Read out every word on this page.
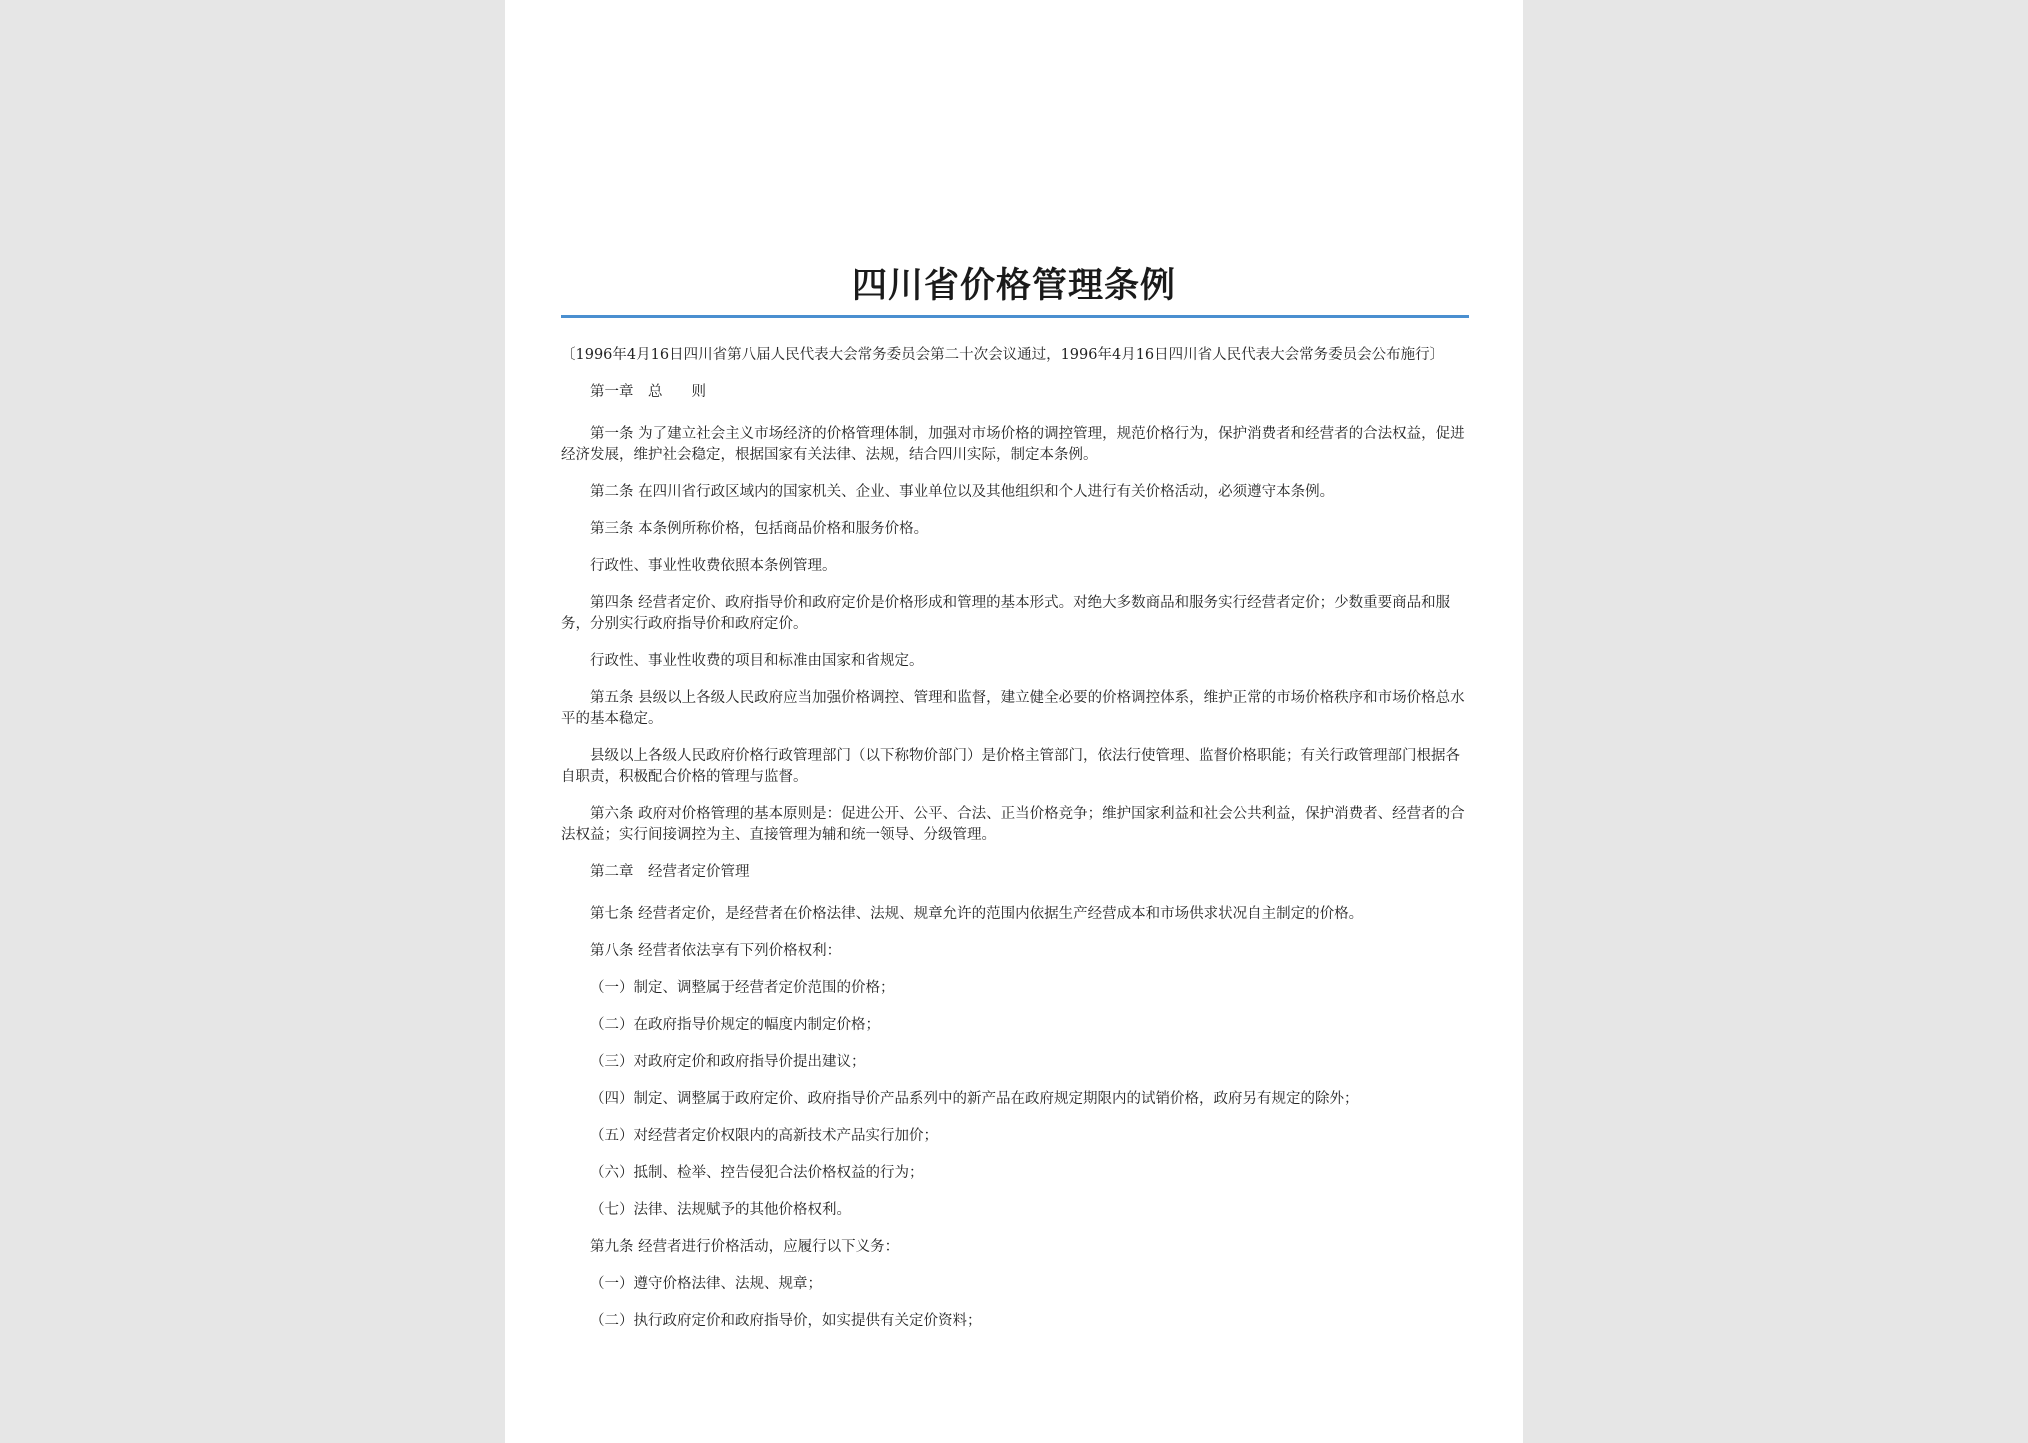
四川省价格管理条例

〔1996年4月16日四川省第八届人民代表大会常务委员会第二十次会议通过，1996年4月16日四川省人民代表大会常务委员会公布施行〕

第一章　总　　则

第一条 为了建立社会主义市场经济的价格管理体制，加强对市场价格的调控管理，规范价格行为，保护消费者和经营者的合法权益，促进经济发展，维护社会稳定，根据国家有关法律、法规，结合四川实际，制定本条例。

第二条 在四川省行政区域内的国家机关、企业、事业单位以及其他组织和个人进行有关价格活动，必须遵守本条例。

第三条 本条例所称价格，包括商品价格和服务价格。

行政性、事业性收费依照本条例管理。

第四条 经营者定价、政府指导价和政府定价是价格形成和管理的基本形式。对绝大多数商品和服务实行经营者定价；少数重要商品和服务，分别实行政府指导价和政府定价。

行政性、事业性收费的项目和标准由国家和省规定。

第五条 县级以上各级人民政府应当加强价格调控、管理和监督，建立健全必要的价格调控体系，维护正常的市场价格秩序和市场价格总水平的基本稳定。

县级以上各级人民政府价格行政管理部门（以下称物价部门）是价格主管部门，依法行使管理、监督价格职能；有关行政管理部门根据各自职责，积极配合价格的管理与监督。

第六条 政府对价格管理的基本原则是：促进公开、公平、合法、正当价格竞争；维护国家利益和社会公共利益，保护消费者、经营者的合法权益；实行间接调控为主、直接管理为辅和统一领导、分级管理。

第二章　经营者定价管理

第七条 经营者定价，是经营者在价格法律、法规、规章允许的范围内依据生产经营成本和市场供求状况自主制定的价格。

第八条 经营者依法享有下列价格权利：

（一）制定、调整属于经营者定价范围的价格；

（二）在政府指导价规定的幅度内制定价格；

（三）对政府定价和政府指导价提出建议；

（四）制定、调整属于政府定价、政府指导价产品系列中的新产品在政府规定期限内的试销价格，政府另有规定的除外；

（五）对经营者定价权限内的高新技术产品实行加价；

（六）抵制、检举、控告侵犯合法价格权益的行为；

（七）法律、法规赋予的其他价格权利。

第九条 经营者进行价格活动，应履行以下义务：

（一）遵守价格法律、法规、规章；

（二）执行政府定价和政府指导价，如实提供有关定价资料；
